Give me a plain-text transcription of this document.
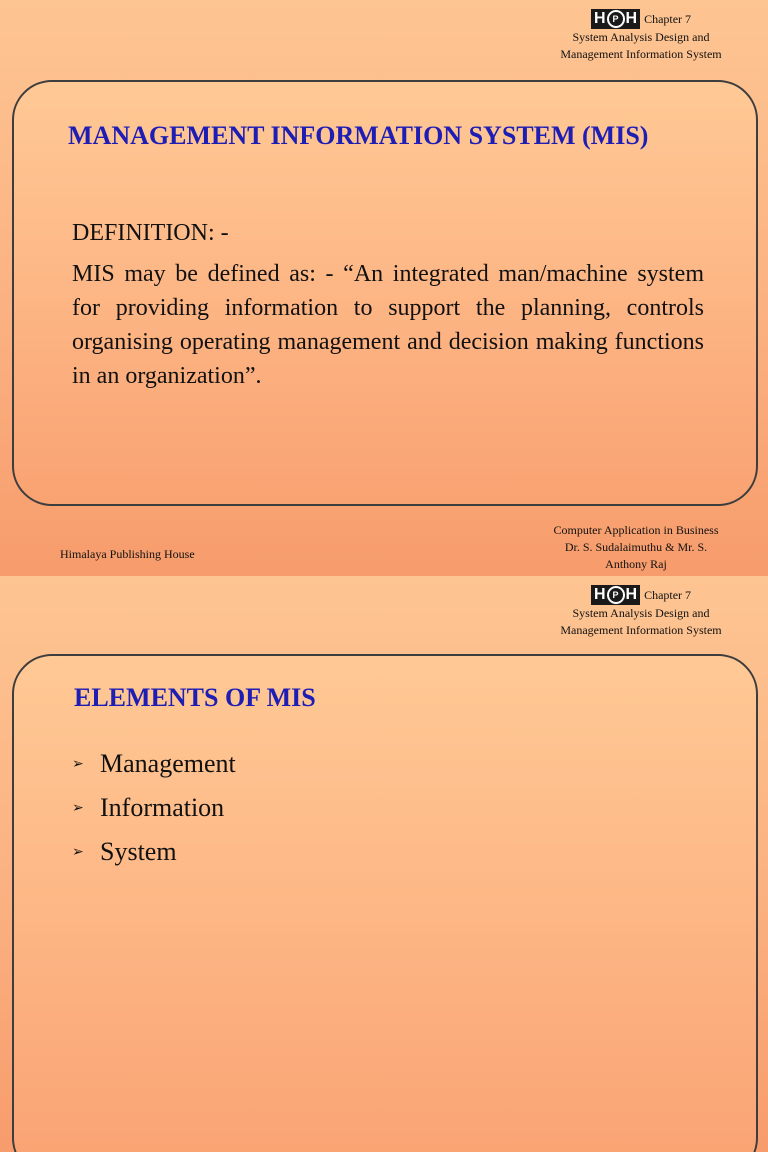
H P H Chapter 7
System Analysis Design and
Management Information System
MANAGEMENT INFORMATION SYSTEM (MIS)
DEFINITION: -
MIS may be defined as: - “An integrated man/machine system for providing information to support the planning, controls organising operating management and decision making functions in an organization”.
Himalaya Publishing House
Computer Application in Business
Dr. S. Sudalaimuthu & Mr. S.
Anthony Raj
H P H Chapter 7
System Analysis Design and
Management Information System
ELEMENTS OF MIS
➢ Management
➢ Information
➢ System
